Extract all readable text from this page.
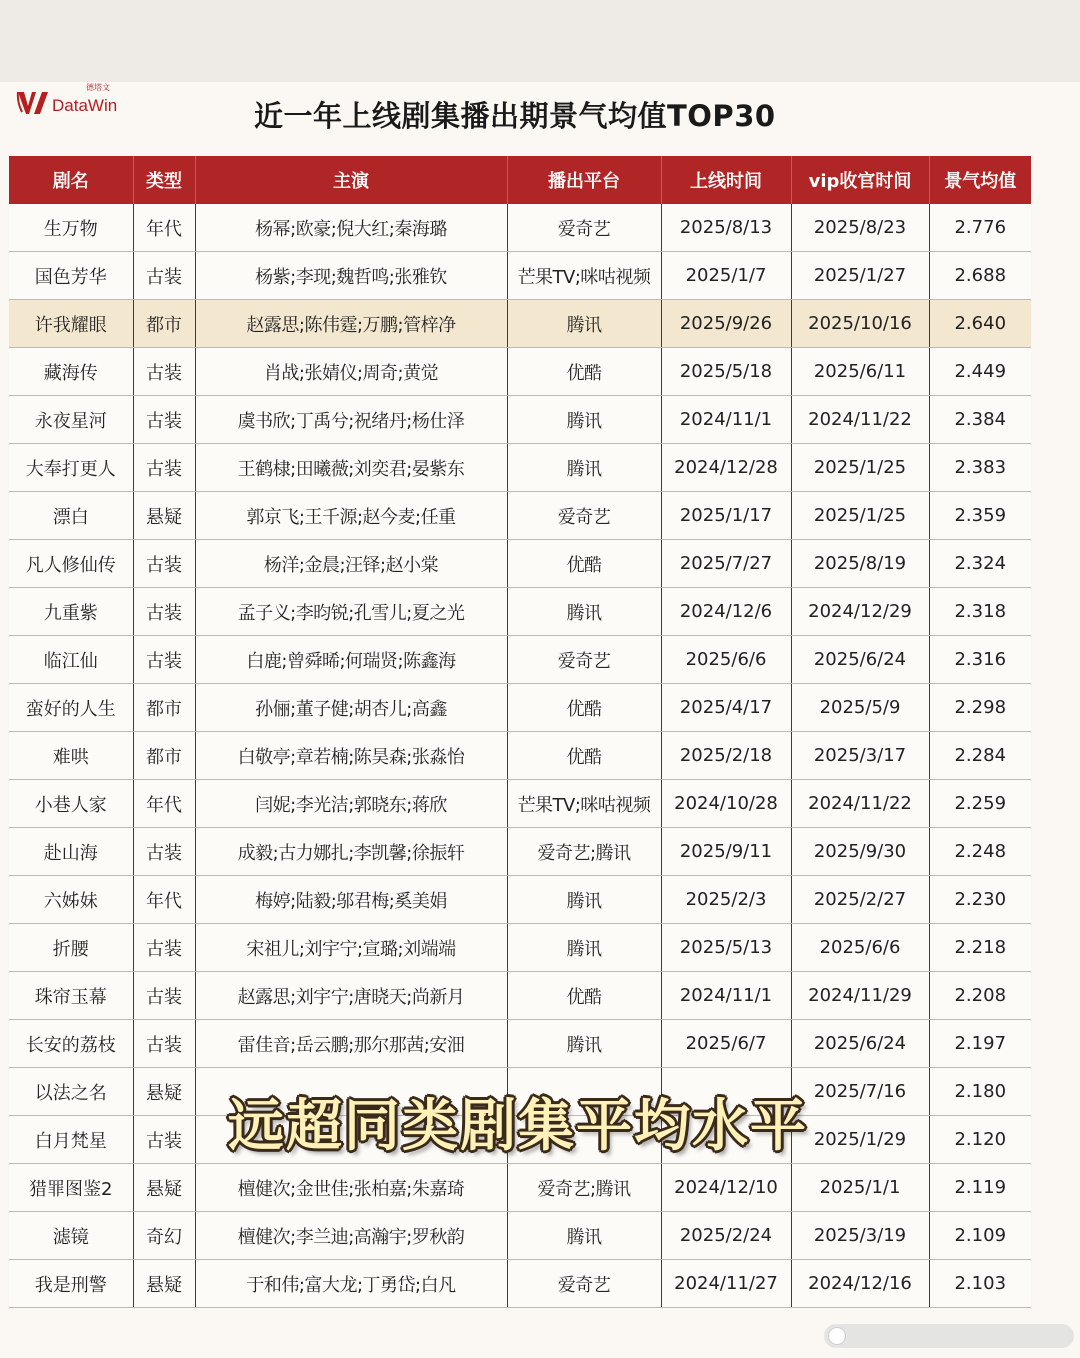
德塔文
DataWin	近一年上线剧集播出期景气均值TOP30
剧名	类型	主演	播出平台	上线时间	vip收官时间	景气均值
生万物	年代	杨幂;欧豪;倪大红;秦海璐	爱奇艺	2025/8/13	2025/8/23	2.776
国色芳华	古装	杨紫;李现;魏哲鸣;张雅钦	芒果TV;咪咕视频	2025/1/7	2025/1/27	2.688
许我耀眼	都市	赵露思;陈伟霆;万鹏;管梓净	腾讯	2025/9/26	2025/10/16	2.640
藏海传	古装	肖战;张婧仪;周奇;黄觉	优酷	2025/5/18	2025/6/11	2.449
永夜星河	古装	虞书欣;丁禹兮;祝绪丹;杨仕泽	腾讯	2024/11/1	2024/11/22	2.384
大奉打更人	古装	王鹤棣;田曦薇;刘奕君;晏紫东	腾讯	2024/12/28	2025/1/25	2.383
漂白	悬疑	郭京飞;王千源;赵今麦;任重	爱奇艺	2025/1/17	2025/1/25	2.359
凡人修仙传	古装	杨洋;金晨;汪铎;赵小棠	优酷	2025/7/27	2025/8/19	2.324
九重紫	古装	孟子义;李昀锐;孔雪儿;夏之光	腾讯	2024/12/6	2024/12/29	2.318
临江仙	古装	白鹿;曾舜晞;何瑞贤;陈鑫海	爱奇艺	2025/6/6	2025/6/24	2.316
蛮好的人生	都市	孙俪;董子健;胡杏儿;高鑫	优酷	2025/4/17	2025/5/9	2.298
难哄	都市	白敬亭;章若楠;陈昊森;张淼怡	优酷	2025/2/18	2025/3/17	2.284
小巷人家	年代	闫妮;李光洁;郭晓东;蒋欣	芒果TV;咪咕视频	2024/10/28	2024/11/22	2.259
赴山海	古装	成毅;古力娜扎;李凯馨;徐振轩	爱奇艺;腾讯	2025/9/11	2025/9/30	2.248
六姊妹	年代	梅婷;陆毅;邬君梅;奚美娟	腾讯	2025/2/3	2025/2/27	2.230
折腰	古装	宋祖儿;刘宇宁;宣璐;刘端端	腾讯	2025/5/13	2025/6/6	2.218
珠帘玉幕	古装	赵露思;刘宇宁;唐晓天;尚新月	优酷	2024/11/1	2024/11/29	2.208
长安的荔枝	古装	雷佳音;岳云鹏;那尔那茜;安沺	腾讯	2025/6/7	2025/6/24	2.197
以法之名	悬疑				2025/7/16	2.180
白月梵星	古装				2025/1/29	2.120
猎罪图鉴2	悬疑	檀健次;金世佳;张柏嘉;朱嘉琦	爱奇艺;腾讯	2024/12/10	2025/1/1	2.119
滤镜	奇幻	檀健次;李兰迪;高瀚宇;罗秋韵	腾讯	2025/2/24	2025/3/19	2.109
我是刑警	悬疑	于和伟;富大龙;丁勇岱;白凡	爱奇艺	2024/11/27	2024/12/16	2.103
远超同类剧集平均水平
